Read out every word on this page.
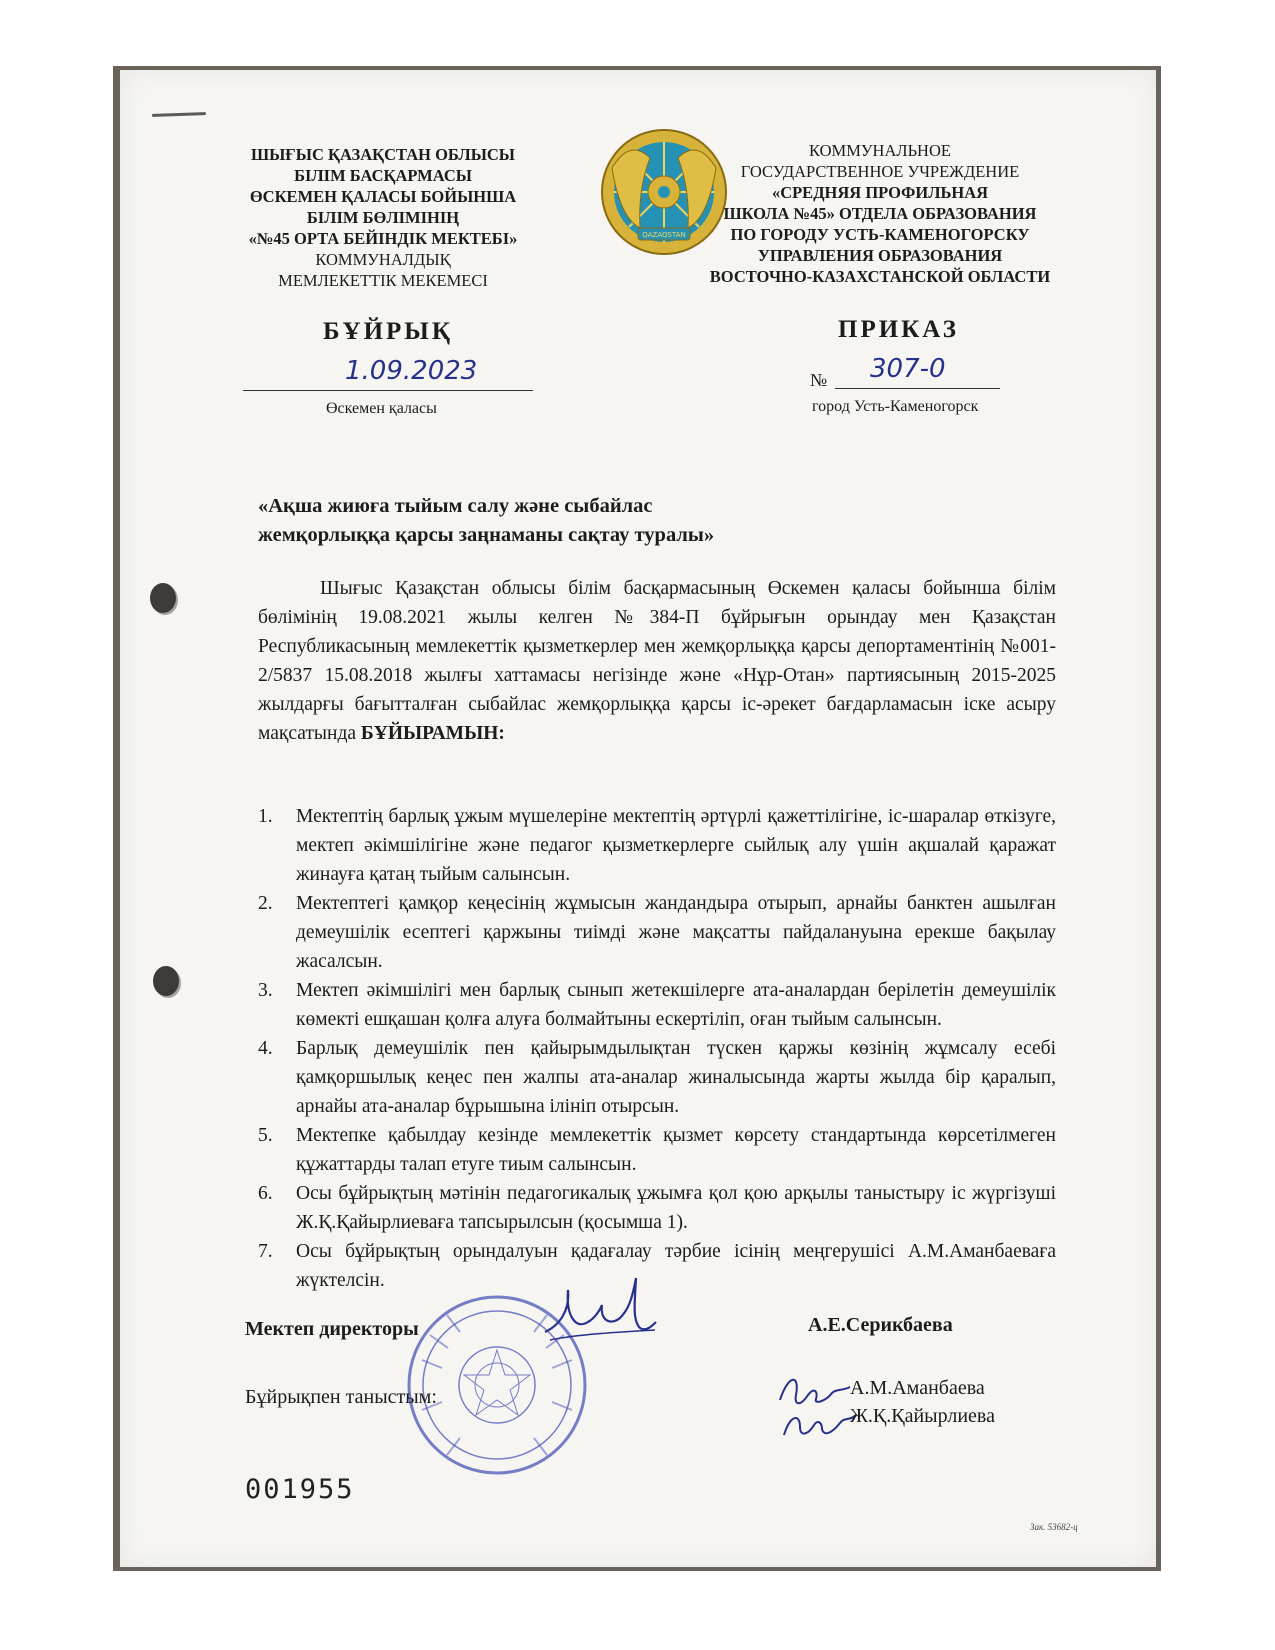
ШЫҒЫС ҚАЗАҚСТАН ОБЛЫСЫ
БІЛІМ БАСҚАРМАСЫ
ӨСКЕМЕН ҚАЛАСЫ БОЙЫНША
БІЛІМ БӨЛІМІНІҢ
«№45 ОРТА БЕЙІНДІК МЕКТЕБІ»
КОММУНАЛДЫҚ
МЕМЛЕКЕТТІК МЕКЕМЕСІ
QAZAQSTAN
КОММУНАЛЬНОЕ
ГОСУДАРСТВЕННОЕ УЧРЕЖДЕНИЕ
«СРЕДНЯЯ ПРОФИЛЬНАЯ
ШКОЛА №45» ОТДЕЛА ОБРАЗОВАНИЯ
ПО ГОРОДУ УСТЬ-КАМЕНОГОРСКУ
УПРАВЛЕНИЯ ОБРАЗОВАНИЯ
ВОСТОЧНО-КАЗАХСТАНСКОЙ ОБЛАСТИ
БҰЙРЫҚ	ПРИКАЗ
1.09.2023	№ 307-0
Өскемен қаласы	город Усть-Каменогорск
«Ақша жиюға тыйым салу және сыбайлас
жемқорлыққа қарсы заңнаманы сақтау туралы»
Шығыс Қазақстан облысы білім басқармасының Өскемен қаласы бойынша білім бөлімінің 19.08.2021 жылы келген №384-П бұйрығын орындау мен Қазақстан Республикасының мемлекеттік қызметкерлер мен жемқорлыққа қарсы депортаментінің №001-2/5837 15.08.2018 жылғы хаттамасы негізінде және «Нұр-Отан» партиясының 2015-2025 жылдарғы бағытталған сыбайлас жемқорлыққа қарсы іс-әрекет бағдарламасын іске асыру мақсатында БҰЙЫРАМЫН:
1. Мектептің барлық ұжым мүшелеріне мектептің әртүрлі қажеттілігіне, іс-шаралар өткізуге, мектеп әкімшілігіне және педагог қызметкерлерге сыйлық алу үшін ақшалай қаражат жинауға қатаң тыйым салынсын.
2. Мектептегі қамқор кеңесінің жұмысын жандандыра отырып, арнайы банктен ашылған демеушілік есептегі қаржыны тиімді және мақсатты пайдалануына ерекше бақылау жасалсын.
3. Мектеп әкімшілігі мен барлық сынып жетекшілерге ата-аналардан берілетін демеушілік көмекті ешқашан қолға алуға болмайтыны ескертіліп, оған тыйым салынсын.
4. Барлық демеушілік пен қайырымдылықтан түскен қаржы көзінің жұмсалу есебі қамқоршылық кеңес пен жалпы ата-аналар жиналысында жарты жылда бір қаралып, арнайы ата-аналар бұрышына ілініп отырсын.
5. Мектепке қабылдау кезінде мемлекеттік қызмет көрсету стандартында көрсетілмеген құжаттарды талап етуге тиым салынсын.
6. Осы бұйрықтың мәтінін педагогикалық ұжымға қол қою арқылы таныстыру іс жүргізуші Ж.Қ.Қайырлиеваға тапсырылсын (қосымша 1).
7. Осы бұйрықтың орындалуын қадағалау тәрбие ісінің меңгерушісі А.М.Аманбаеваға жүктелсін.
Мектеп директоры	А.Е.Серикбаева
Бұйрықпен таныстым:	А.М.Аманбаева
Ж.Қ.Қайырлиева
001955
Зак. 53682-ц
